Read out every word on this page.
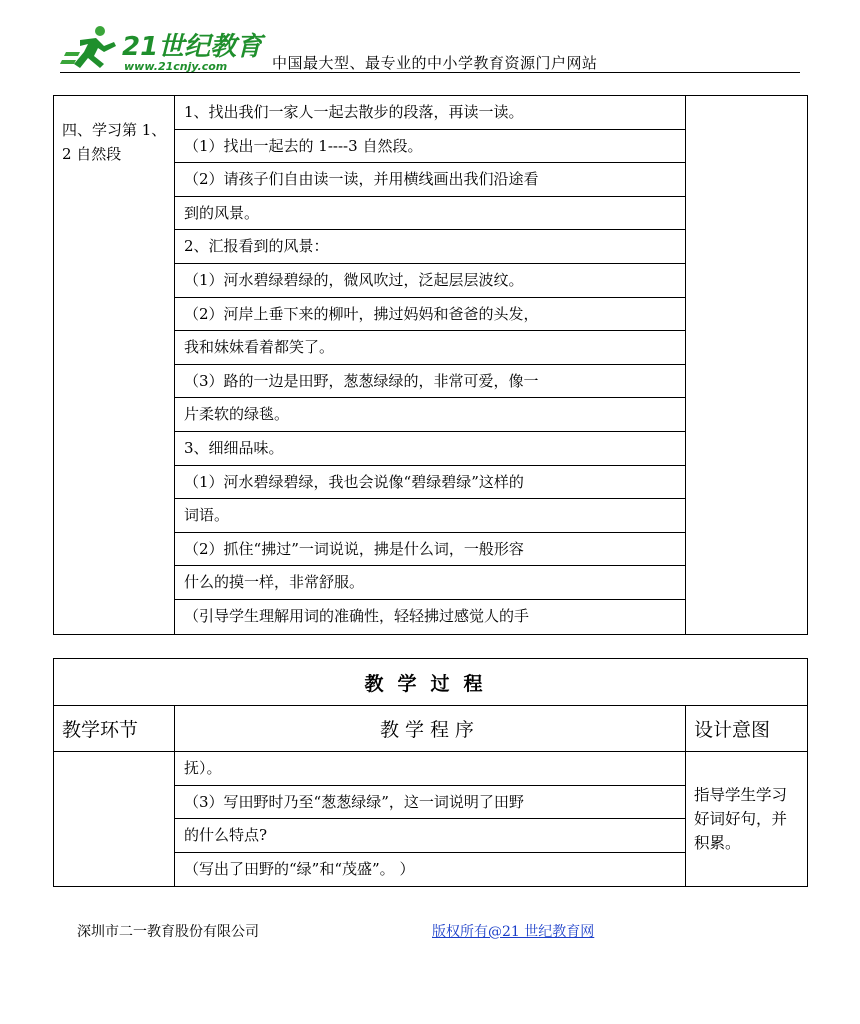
21世纪教育
www.21cnjy.com	中国最大型、最专业的中小学教育资源门户网站
四、学习第 1、2 自然段

1、找出我们一家人一起去散步的段落，再读一读。
（1）找出一起去的 1----3 自然段。
（2）请孩子们自由读一读，并用横线画出我们沿途看
到的风景。
2、汇报看到的风景：
（1）河水碧绿碧绿的，微风吹过，泛起层层波纹。
（2）河岸上垂下来的柳叶，拂过妈妈和爸爸的头发，
我和妹妹看着都笑了。
（3）路的一边是田野，葱葱绿绿的，非常可爱，像一
片柔软的绿毯。
3、细细品味。
（1）河水碧绿碧绿，我也会说像“碧绿碧绿”这样的
词语。
（2）抓住“拂过”一词说说，拂是什么词，一般形容
什么的摸一样，非常舒服。
（引导学生理解用词的准确性，轻轻拂过感觉人的手

教学过程		
教学环节	教学程序	设计意图

	抚）。
（3）写田野时乃至“葱葱绿绿”，这一词说明了田野
的什么特点?
（写出了田野的“绿”和“茂盛”。 ）	指导学生学习好词好句，并积累。
深圳市二一教育股份有限公司	版权所有@21 世纪教育网
